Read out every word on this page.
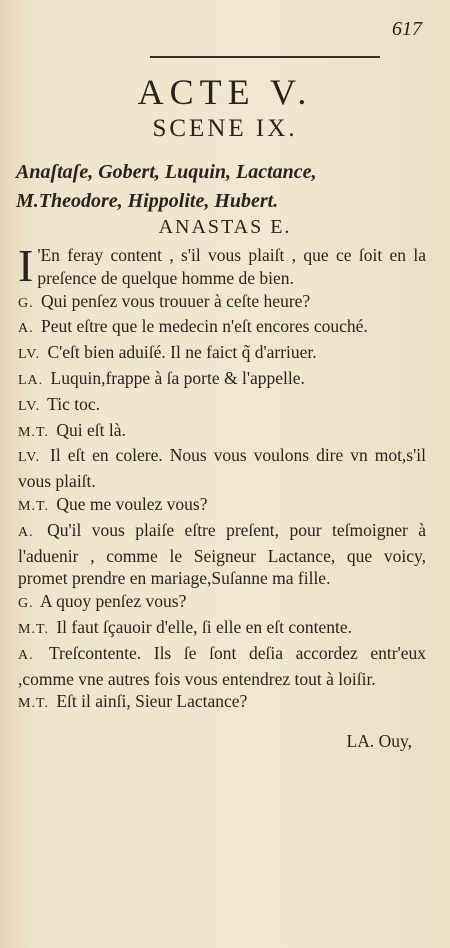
617
ACTE V.
SCENE IX.
Anaſtaſe, Gobert, Luquin, Lactance,
M.Theodore, Hippolite, Hubert.
ANASTAS E.

I 'En feray content , s'il vous plaiſt , que ce ſoit en la preſence de quelque homme de bien.

G. Qui penſez vous trouuer à ceſte heure?

A. Peut eſtre que le medecin n'eſt encores couché.

LV. C'eſt bien aduiſé. Il ne faict q̃ d'arriuer.

LA. Luquin,frappe à ſa porte & l'appelle.

LV. Tic toc.

M.T. Qui eſt là.

LV. Il eſt en colere. Nous vous voulons dire vn mot,s'il vous plaiſt.

M.T. Que me voulez vous?

A. Qu'il vous plaiſe eſtre preſent, pour teſmoigner à l'aduenir , comme le Seigneur Lactance, que voicy, promet prendre en mariage,Suſanne ma fille.

G. A quoy penſez vous?

M.T. Il faut ſçauoir d'elle, ſi elle en eſt contente.

A. Treſcontente. Ils ſe ſont deſia accordez entr'eux ,comme vne autres fois vous entendrez tout à loiſir.

M.T. Eſt il ainſi, Sieur Lactance?

LA. Ouy,
